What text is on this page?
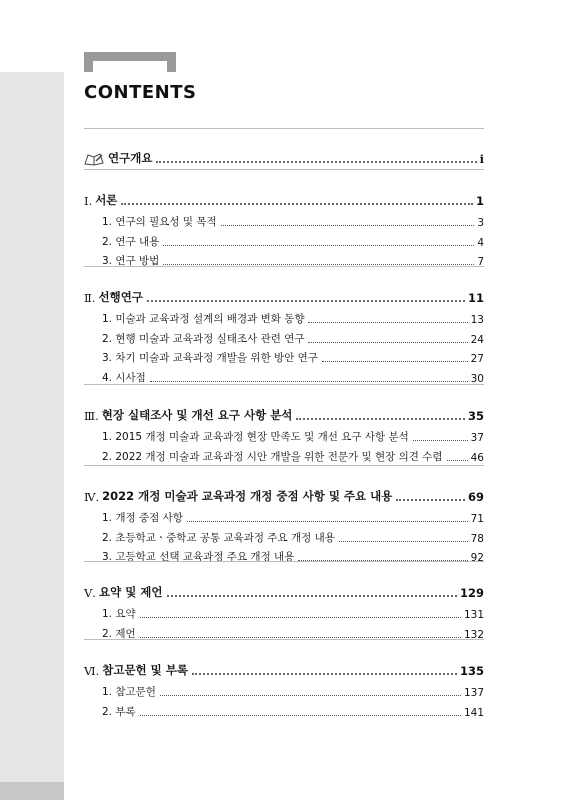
CONTENTS
연구개요	i
Ⅰ. 서론	1
1. 연구의 필요성 및 목적	3
2. 연구 내용	4
3. 연구 방법	7
Ⅱ. 선행연구	11
1. 미술과 교육과정 설계의 배경과 변화 동향	13
2. 현행 미술과 교육과정 실태조사 관련 연구	24
3. 차기 미술과 교육과정 개발을 위한 방안 연구	27
4. 시사점	30
Ⅲ. 현장 실태조사 및 개선 요구 사항 분석	35
1. 2015 개정 미술과 교육과정 현장 만족도 및 개선 요구 사항 분석	37
2. 2022 개정 미술과 교육과정 시안 개발을 위한 전문가 및 현장 의견 수렴	46
Ⅳ. 2022 개정 미술과 교육과정 개정 중점 사항 및 주요 내용	69
1. 개정 중점 사항	71
2. 초등학교ㆍ중학교 공통 교육과정 주요 개정 내용	78
3. 고등학교 선택 교육과정 주요 개정 내용	92
Ⅴ. 요약 및 제언	129
1. 요약	131
2. 제언	132
Ⅵ. 참고문헌 및 부록	135
1. 참고문헌	137
2. 부록	141
